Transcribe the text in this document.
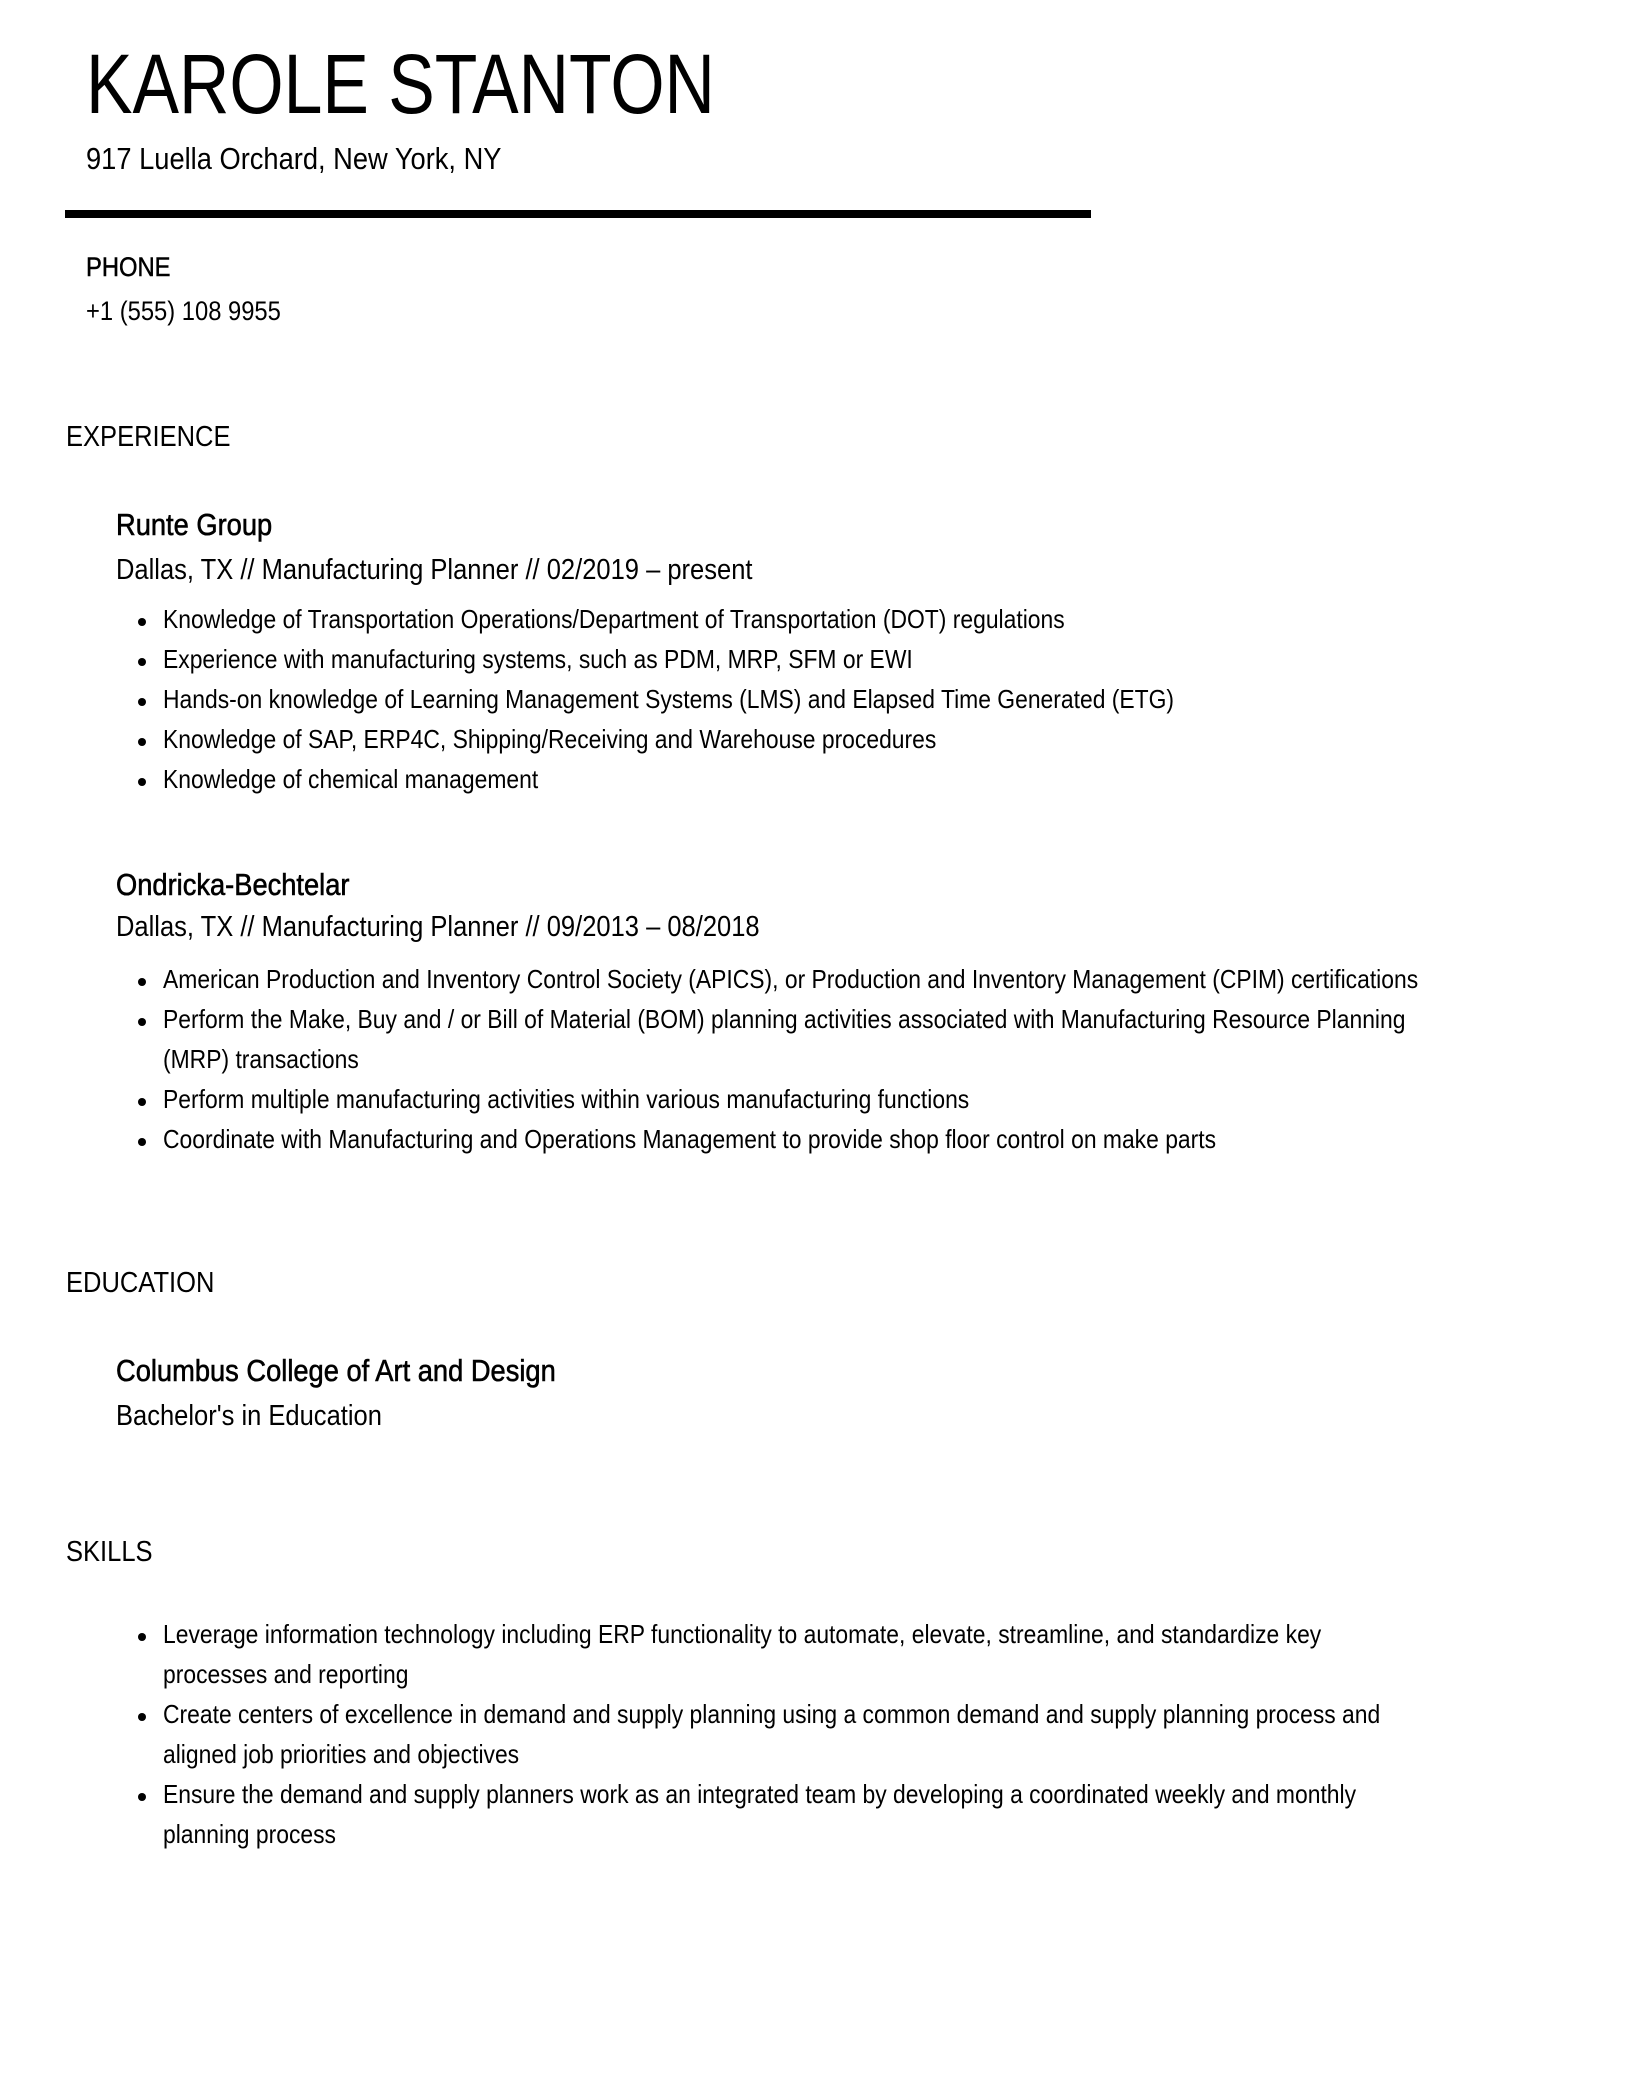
KAROLE STANTON
917 Luella Orchard, New York, NY
PHONE
+1 (555) 108 9955
EXPERIENCE
Runte Group
Dallas, TX // Manufacturing Planner // 02/2019 – present
Knowledge of Transportation Operations/Department of Transportation (DOT) regulations
Experience with manufacturing systems, such as PDM, MRP, SFM or EWI
Hands-on knowledge of Learning Management Systems (LMS) and Elapsed Time Generated (ETG)
Knowledge of SAP, ERP4C, Shipping/Receiving and Warehouse procedures
Knowledge of chemical management
Ondricka-Bechtelar
Dallas, TX // Manufacturing Planner // 09/2013 – 08/2018
American Production and Inventory Control Society (APICS), or Production and Inventory Management (CPIM) certifications
Perform the Make, Buy and / or Bill of Material (BOM) planning activities associated with Manufacturing Resource Planning
(MRP) transactions
Perform multiple manufacturing activities within various manufacturing functions
Coordinate with Manufacturing and Operations Management to provide shop floor control on make parts
EDUCATION
Columbus College of Art and Design
Bachelor's in Education
SKILLS
Leverage information technology including ERP functionality to automate, elevate, streamline, and standardize key
processes and reporting
Create centers of excellence in demand and supply planning using a common demand and supply planning process and
aligned job priorities and objectives
Ensure the demand and supply planners work as an integrated team by developing a coordinated weekly and monthly
planning process
